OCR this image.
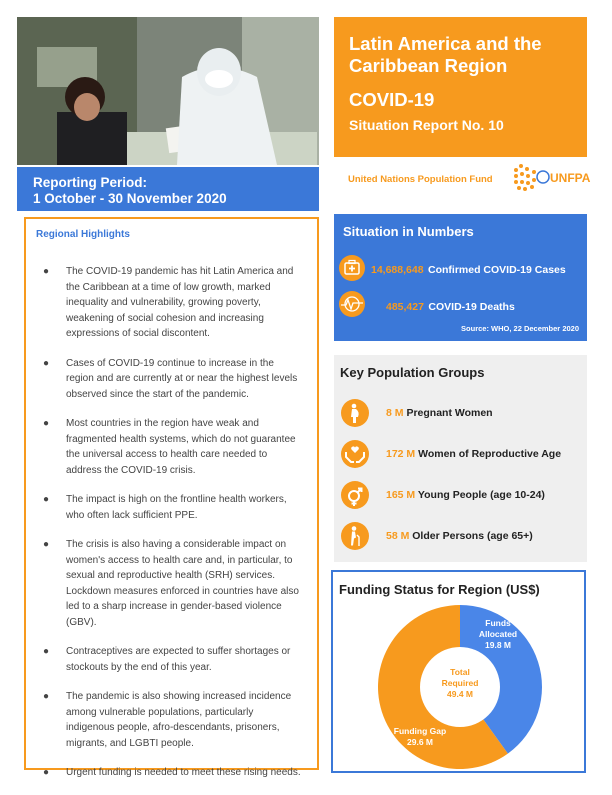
Reporting Period:
1 October - 30 November 2020
Latin America and the Caribbean Region
COVID-19
Situation Report No. 10
United Nations Population Fund	UNFPA
Regional Highlights
● The COVID-19 pandemic has hit Latin America and the Caribbean at a time of low growth, marked inequality and vulnerability, growing poverty, weakening of social cohesion and increasing expressions of social discontent.
● Cases of COVID-19 continue to increase in the region and are currently at or near the highest levels observed since the start of the pandemic.
● Most countries in the region have weak and fragmented health systems, which do not guarantee the universal access to health care needed to address the COVID-19 crisis.
● The impact is high on the frontline health workers, who often lack sufficient PPE.
● The crisis is also having a considerable impact on women's access to health care and, in particular, to sexual and reproductive health (SRH) services. Lockdown measures enforced in countries have also led to a sharp increase in gender-based violence (GBV).
● Contraceptives are expected to suffer shortages or stockouts by the end of this year.
● The pandemic is also showing increased incidence among vulnerable populations, particularly indigenous people, afro-descendants, prisoners, migrants, and LGBTI people.
● Urgent funding is needed to meet these rising needs.
Situation in Numbers
14,688,648 Confirmed COVID-19 Cases
485,427 COVID-19 Deaths
Source: WHO, 22 December 2020
Key Population Groups
8 M Pregnant Women
172 M Women of Reproductive Age
165 M Young People (age 10-24)
58 M Older Persons (age 65+)
Funding Status for Region (US$)
Total
Required
49.4 M
Funds
Allocated
19.8 M
Funding Gap
29.6 M
